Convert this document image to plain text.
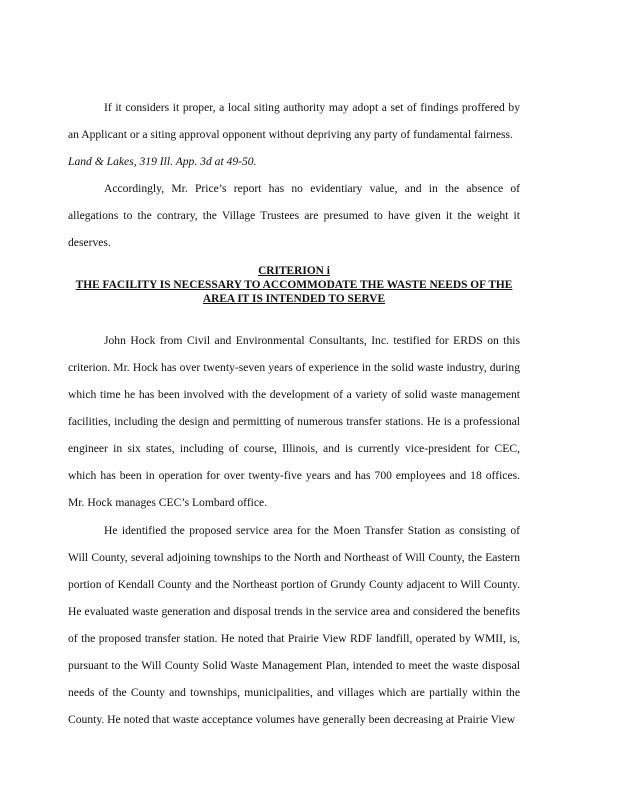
If it considers it proper, a local siting authority may adopt a set of findings proffered by an Applicant or a siting approval opponent without depriving any party of fundamental fairness.

Land & Lakes, 319 Ill. App. 3d at 49-50.

Accordingly, Mr. Price’s report has no evidentiary value, and in the absence of allegations to the contrary, the Village Trustees are presumed to have given it the weight it deserves.

CRITERION i

THE FACILITY IS NECESSARY TO ACCOMMODATE THE WASTE NEEDS OF THE

AREA IT IS INTENDED TO SERVE

John Hock from Civil and Environmental Consultants, Inc. testified for ERDS on this criterion. Mr. Hock has over twenty-seven years of experience in the solid waste industry, during which time he has been involved with the development of a variety of solid waste management facilities, including the design and permitting of numerous transfer stations. He is a professional engineer in six states, including of course, Illinois, and is currently vice-president for CEC, which has been in operation for over twenty-five years and has 700 employees and 18 offices. Mr. Hock manages CEC’s Lombard office.

He identified the proposed service area for the Moen Transfer Station as consisting of Will County, several adjoining townships to the North and Northeast of Will County, the Eastern portion of Kendall County and the Northeast portion of Grundy County adjacent to Will County. He evaluated waste generation and disposal trends in the service area and considered the benefits of the proposed transfer station. He noted that Prairie View RDF landfill, operated by WMII, is, pursuant to the Will County Solid Waste Management Plan, intended to meet the waste disposal needs of the County and townships, municipalities, and villages which are partially within the County. He noted that waste acceptance volumes have generally been decreasing at Prairie View
